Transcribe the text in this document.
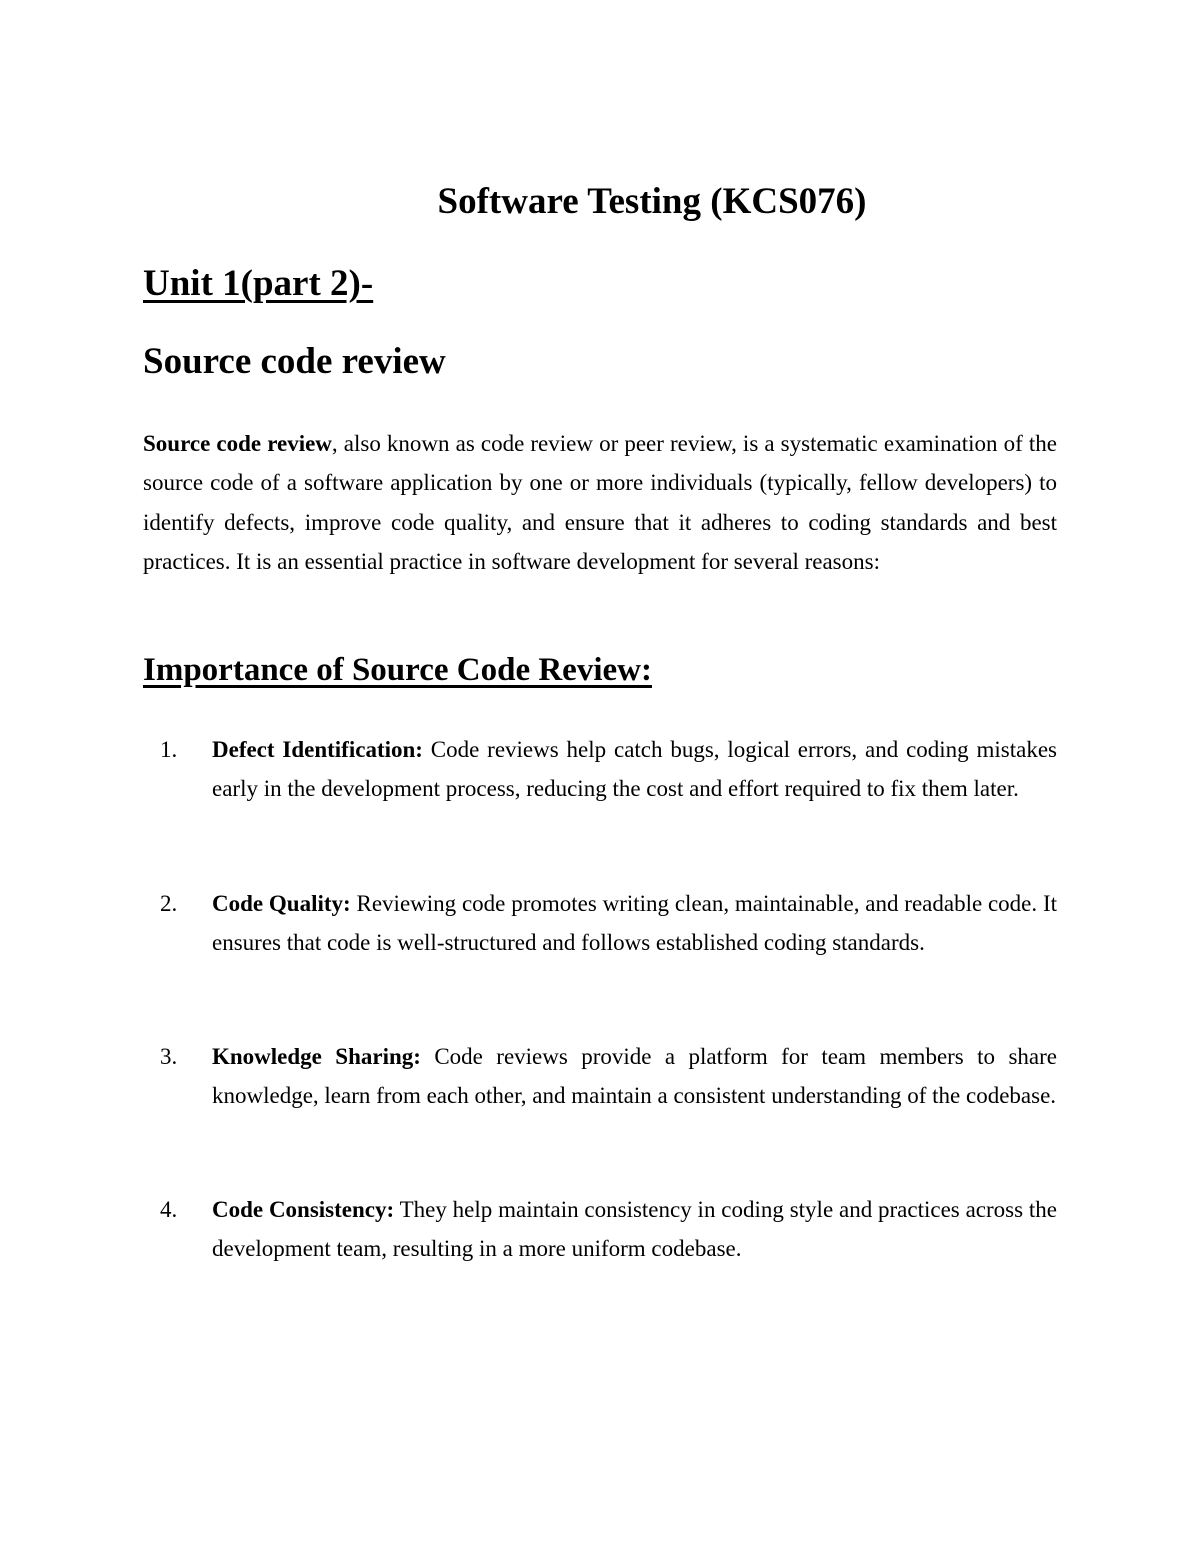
Software Testing (KCS076)
Unit 1(part 2)-
Source code review

Source code review, also known as code review or peer review, is a systematic examination of the source code of a software application by one or more individuals (typically, fellow developers) to identify defects, improve code quality, and ensure that it adheres to coding standards and best practices. It is an essential practice in software development for several reasons:

Importance of Source Code Review:
1.	Defect Identification: Code reviews help catch bugs, logical errors, and coding mistakes early in the development process, reducing the cost and effort required to fix them later.
2.	Code Quality: Reviewing code promotes writing clean, maintainable, and readable code. It ensures that code is well-structured and follows established coding standards.
3.	Knowledge Sharing: Code reviews provide a platform for team members to share knowledge, learn from each other, and maintain a consistent understanding of the codebase.
4.	Code Consistency: They help maintain consistency in coding style and practices across the development team, resulting in a more uniform codebase.
